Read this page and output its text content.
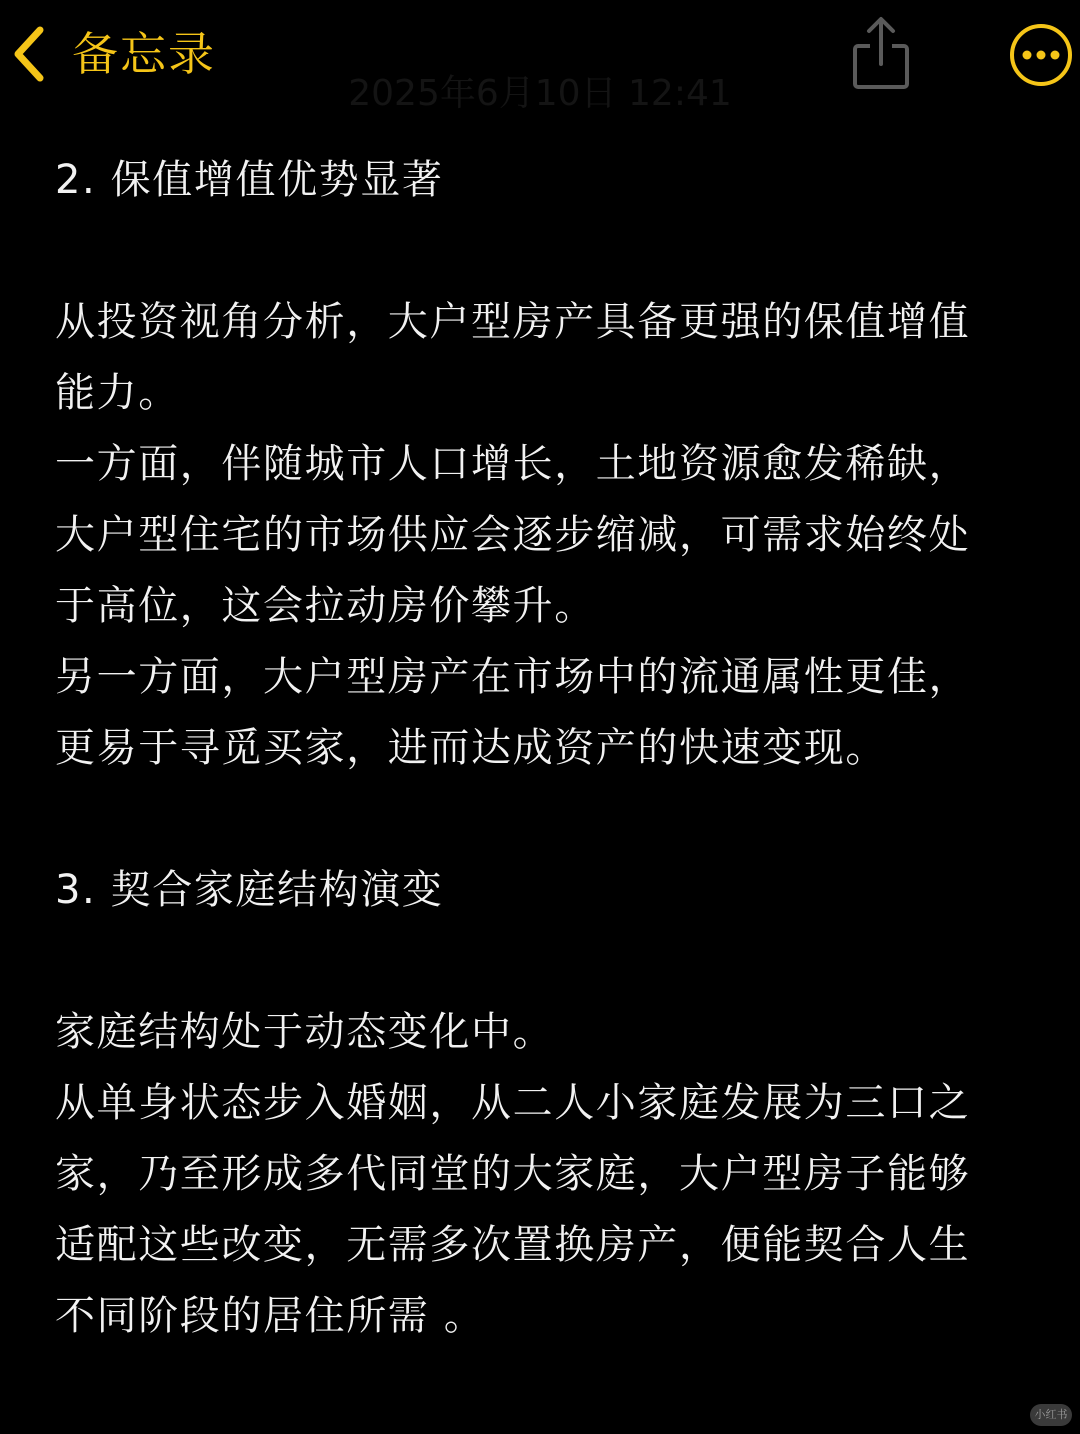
备忘录
2025年6月10日 12:41
2. 保值增值优势显著
从投资视角分析，大户型房产具备更强的保值增值
能力。
一方面，伴随城市人口增长，土地资源愈发稀缺，
大户型住宅的市场供应会逐步缩减，可需求始终处
于高位，这会拉动房价攀升。
另一方面，大户型房产在市场中的流通属性更佳，
更易于寻觅买家，进而达成资产的快速变现。
3. 契合家庭结构演变
家庭结构处于动态变化中。
从单身状态步入婚姻，从二人小家庭发展为三口之
家，乃至形成多代同堂的大家庭，大户型房子能够
适配这些改变，无需多次置换房产，便能契合人生
不同阶段的居住所需 。
小红书
